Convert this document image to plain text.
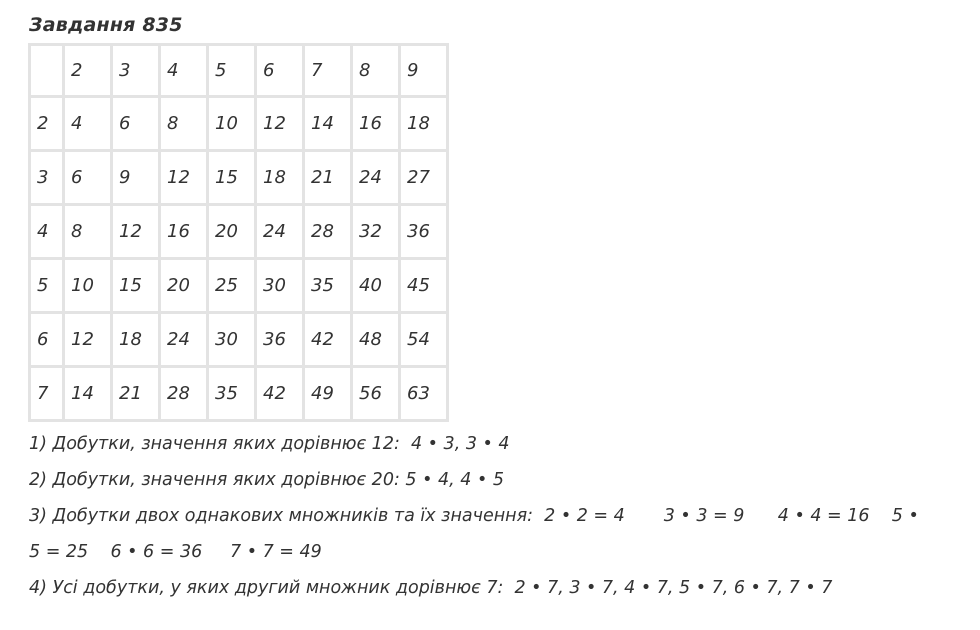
Завдання 835
	2	3	4	5	6	7	8	9
2	4	6	8	10	12	14	16	18
3	6	9	12	15	18	21	24	27
4	8	12	16	20	24	28	32	36
5	10	15	20	25	30	35	40	45
6	12	18	24	30	36	42	48	54
7	14	21	28	35	42	49	56	63
1) Добутки, значення яких дорівнює 12:  4 • 3, 3 • 4
2) Добутки, значення яких дорівнює 20: 5 • 4, 4 • 5
3) Добутки двох однакових множників та їх значення:  2 • 2 = 4       3 • 3 = 9      4 • 4 = 16    5 •
5 = 25    6 • 6 = 36     7 • 7 = 49
4) Усі добутки, у яких другий множник дорівнює 7:  2 • 7, 3 • 7, 4 • 7, 5 • 7, 6 • 7, 7 • 7
